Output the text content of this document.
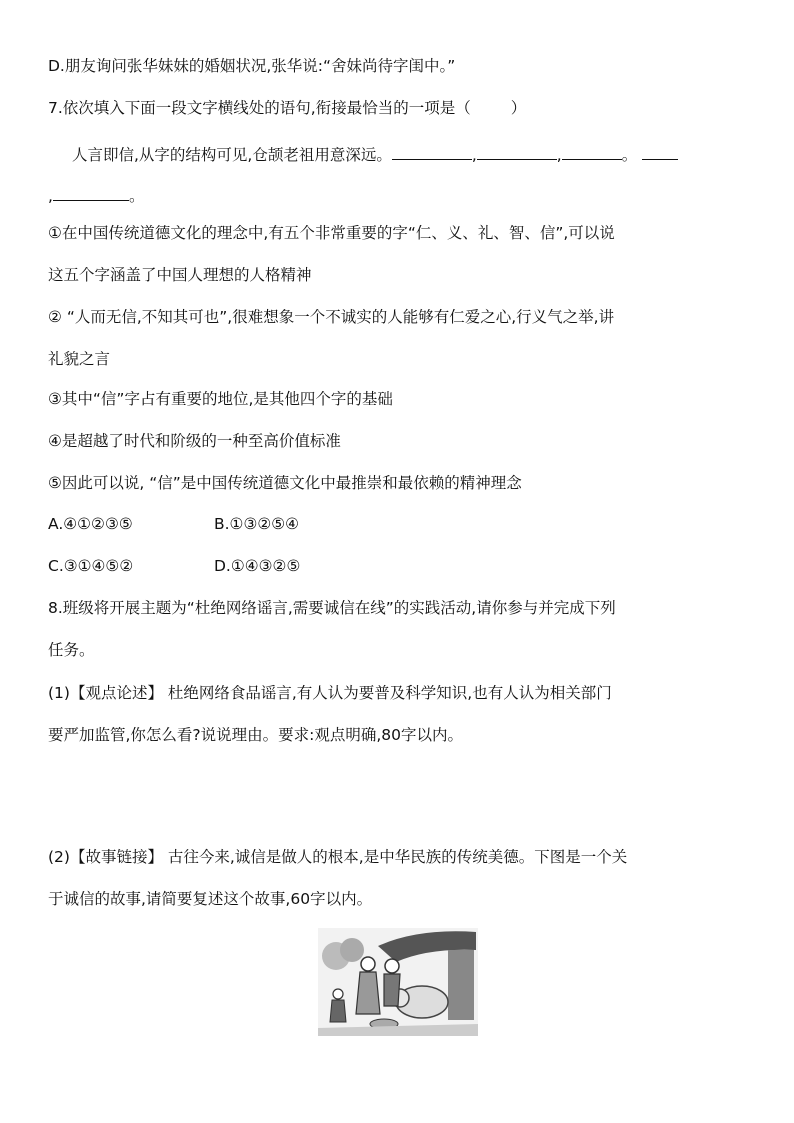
D.朋友询问张华妹妹的婚姻状况,张华说:“舍妹尚待字闺中。”
7.依次填入下面一段文字横线处的语句,衔接最恰当的一项是（	）
人言即信,从字的结构可见,仓颉老祖用意深远。	,	,	。
,	。
①在中国传统道德文化的理念中,有五个非常重要的字“仁、义、礼、智、信”,可以说
这五个字涵盖了中国人理想的人格精神
② “人而无信,不知其可也”,很难想象一个不诚实的人能够有仁爱之心,行义气之举,讲
礼貌之言
③其中“信”字占有重要的地位,是其他四个字的基础
④是超越了时代和阶级的一种至高价值标准
⑤因此可以说, “信”是中国传统道德文化中最推崇和最依赖的精神理念
A.④①②③⑤	B.①③②⑤④
C.③①④⑤②	D.①④③②⑤
8.班级将开展主题为“杜绝网络谣言,需要诚信在线”的实践活动,请你参与并完成下列
任务。
(1)【观点论述】 杜绝网络食品谣言,有人认为要普及科学知识,也有人认为相关部门
要严加监管,你怎么看?说说理由。要求:观点明确,80字以内。
(2)【故事链接】 古往今来,诚信是做人的根本,是中华民族的传统美德。下图是一个关
于诚信的故事,请简要复述这个故事,60字以内。
